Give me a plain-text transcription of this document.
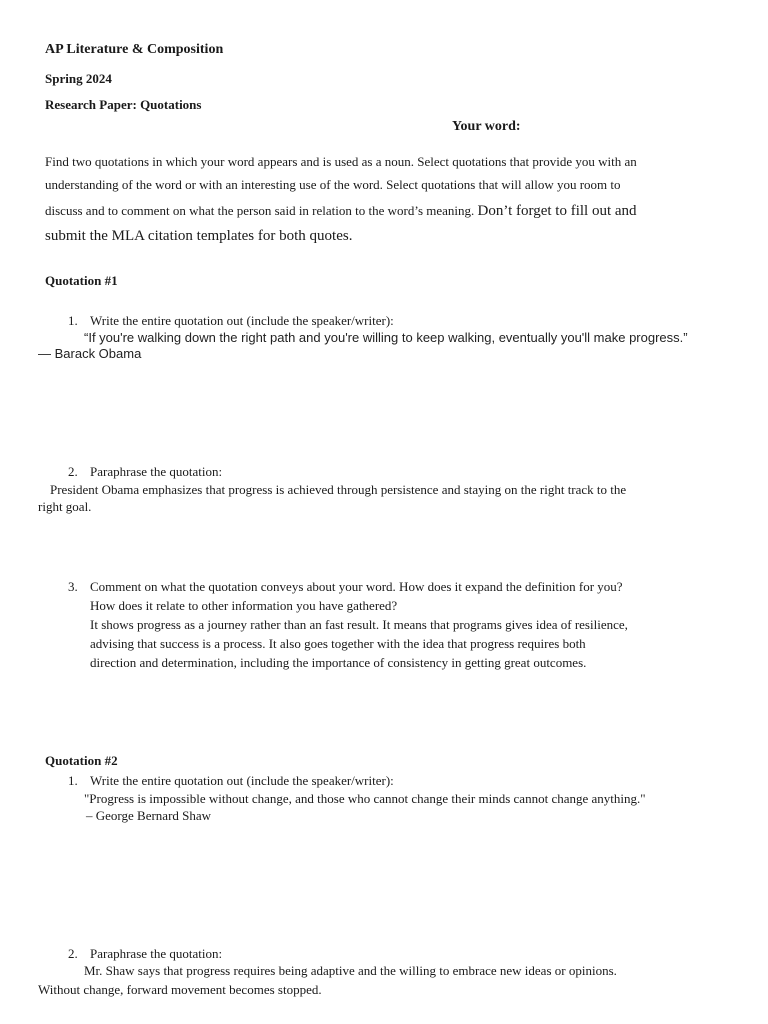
AP Literature & Composition
Spring 2024
Research Paper: Quotations
Your word:
Find two quotations in which your word appears and is used as a noun. Select quotations that provide you with an
understanding of the word or with an interesting use of the word. Select quotations that will allow you room to
discuss and to comment on what the person said in relation to the word’s meaning. Don’t forget to fill out and
submit the MLA citation templates for both quotes.
Quotation #1
1. Write the entire quotation out (include the speaker/writer):
“If you're walking down the right path and you're willing to keep walking, eventually you'll make progress.”
— Barack Obama
2. Paraphrase the quotation:
President Obama emphasizes that progress is achieved through persistence and staying on the right track to the
right goal.
3. Comment on what the quotation conveys about your word. How does it expand the definition for you?
How does it relate to other information you have gathered?
It shows progress as a journey rather than an fast result. It means that programs gives idea of resilience,
advising that success is a process. It also goes together with the idea that progress requires both
direction and determination, including the importance of consistency in getting great outcomes.
Quotation #2
1. Write the entire quotation out (include the speaker/writer):
"Progress is impossible without change, and those who cannot change their minds cannot change anything."
– George Bernard Shaw
2. Paraphrase the quotation:
Mr. Shaw says that progress requires being adaptive and the willing to embrace new ideas or opinions.
Without change, forward movement becomes stopped.
